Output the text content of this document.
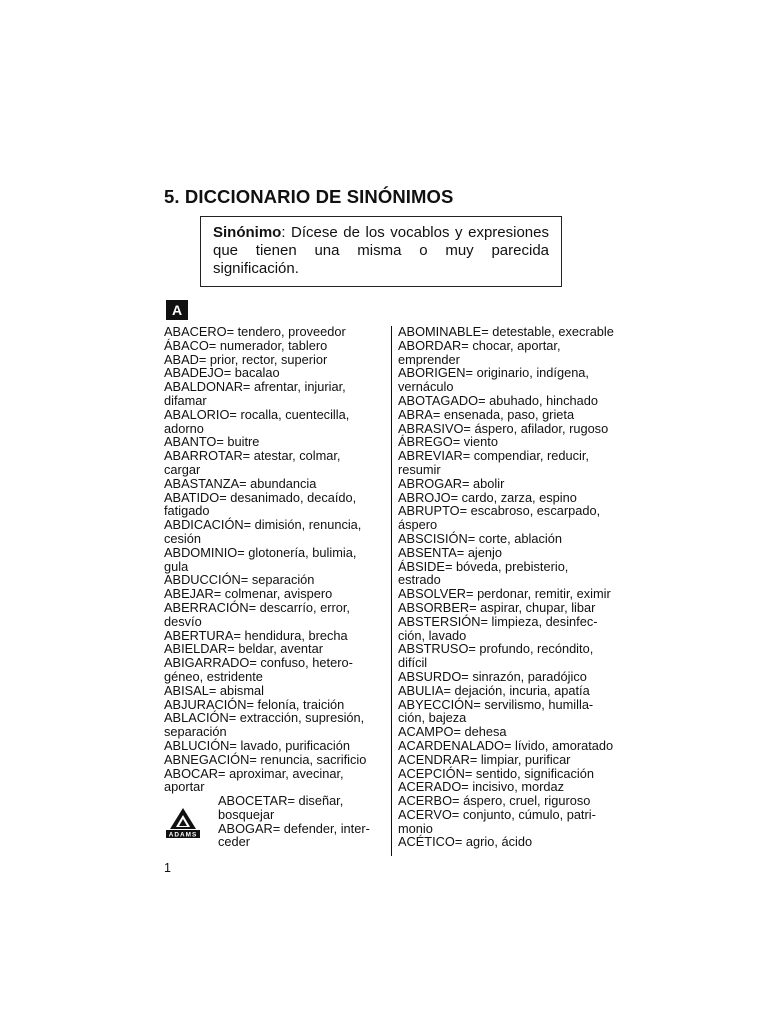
5. DICCIONARIO DE SINÓNIMOS
Sinónimo: Dícese de los vocablos y expresiones que tienen una misma o muy parecida significación.
A
ABACERO= tendero, proveedor
ÁBACO= numerador, tablero
ABAD= prior, rector, superior
ABADEJO= bacalao
ABALDONAR= afrentar, injuriar,
difamar
ABALORIO= rocalla, cuentecilla,
adorno
ABANTO= buitre
ABARROTAR= atestar, colmar,
cargar
ABASTANZA= abundancia
ABATIDO= desanimado, decaído,
fatigado
ABDICACIÓN= dimisión, renuncia,
cesión
ABDOMINIO= glotonería, bulimia,
gula
ABDUCCIÓN= separación
ABEJAR= colmenar, avispero
ABERRACIÓN= descarrío, error,
desvío
ABERTURA= hendidura, brecha
ABIELDAR= beldar, aventar
ABIGARRADO= confuso, hetero-
géneo, estridente
ABISAL= abismal
ABJURACIÓN= felonía, traición
ABLACIÓN= extracción, supresión,
separación
ABLUCIÓN= lavado, purificación
ABNEGACIÓN= renuncia, sacrificio
ABOCAR= aproximar, avecinar,
aportar
ABOCETAR= diseñar,
bosquejar
ABOGAR= defender, inter-
ceder
ABOMINABLE= detestable, execrable
ABORDAR= chocar, aportar,
emprender
ABORIGEN= originario, indígena,
vernáculo
ABOTAGADO= abuhado, hinchado
ABRA= ensenada, paso, grieta
ABRASIVO= áspero, afilador, rugoso
ÁBREGO= viento
ABREVIAR= compendiar, reducir,
resumir
ABROGAR= abolir
ABROJO= cardo, zarza, espino
ABRUPTO= escabroso, escarpado,
áspero
ABSCISIÓN= corte, ablación
ABSENTA= ajenjo
ÁBSIDE= bóveda, prebisterio,
estrado
ABSOLVER= perdonar, remitir, eximir
ABSORBER= aspirar, chupar, libar
ABSTERSIÓN= limpieza, desinfec-
ción, lavado
ABSTRUSO= profundo, recóndito,
difícil
ABSURDO= sinrazón, paradójico
ABULIA= dejación, incuria, apatía
ABYECCIÓN= servilismo, humilla-
ción, bajeza
ACAMPO= dehesa
ACARDENALADO= lívido, amoratado
ACENDRAR= limpiar, purificar
ACEPCIÓN= sentido, significación
ACERADO= incisivo, mordaz
ACERBO= áspero, cruel, riguroso
ACERVO= conjunto, cúmulo, patri-
monio
ACÉTICO= agrio, ácido
ADAMS
1
